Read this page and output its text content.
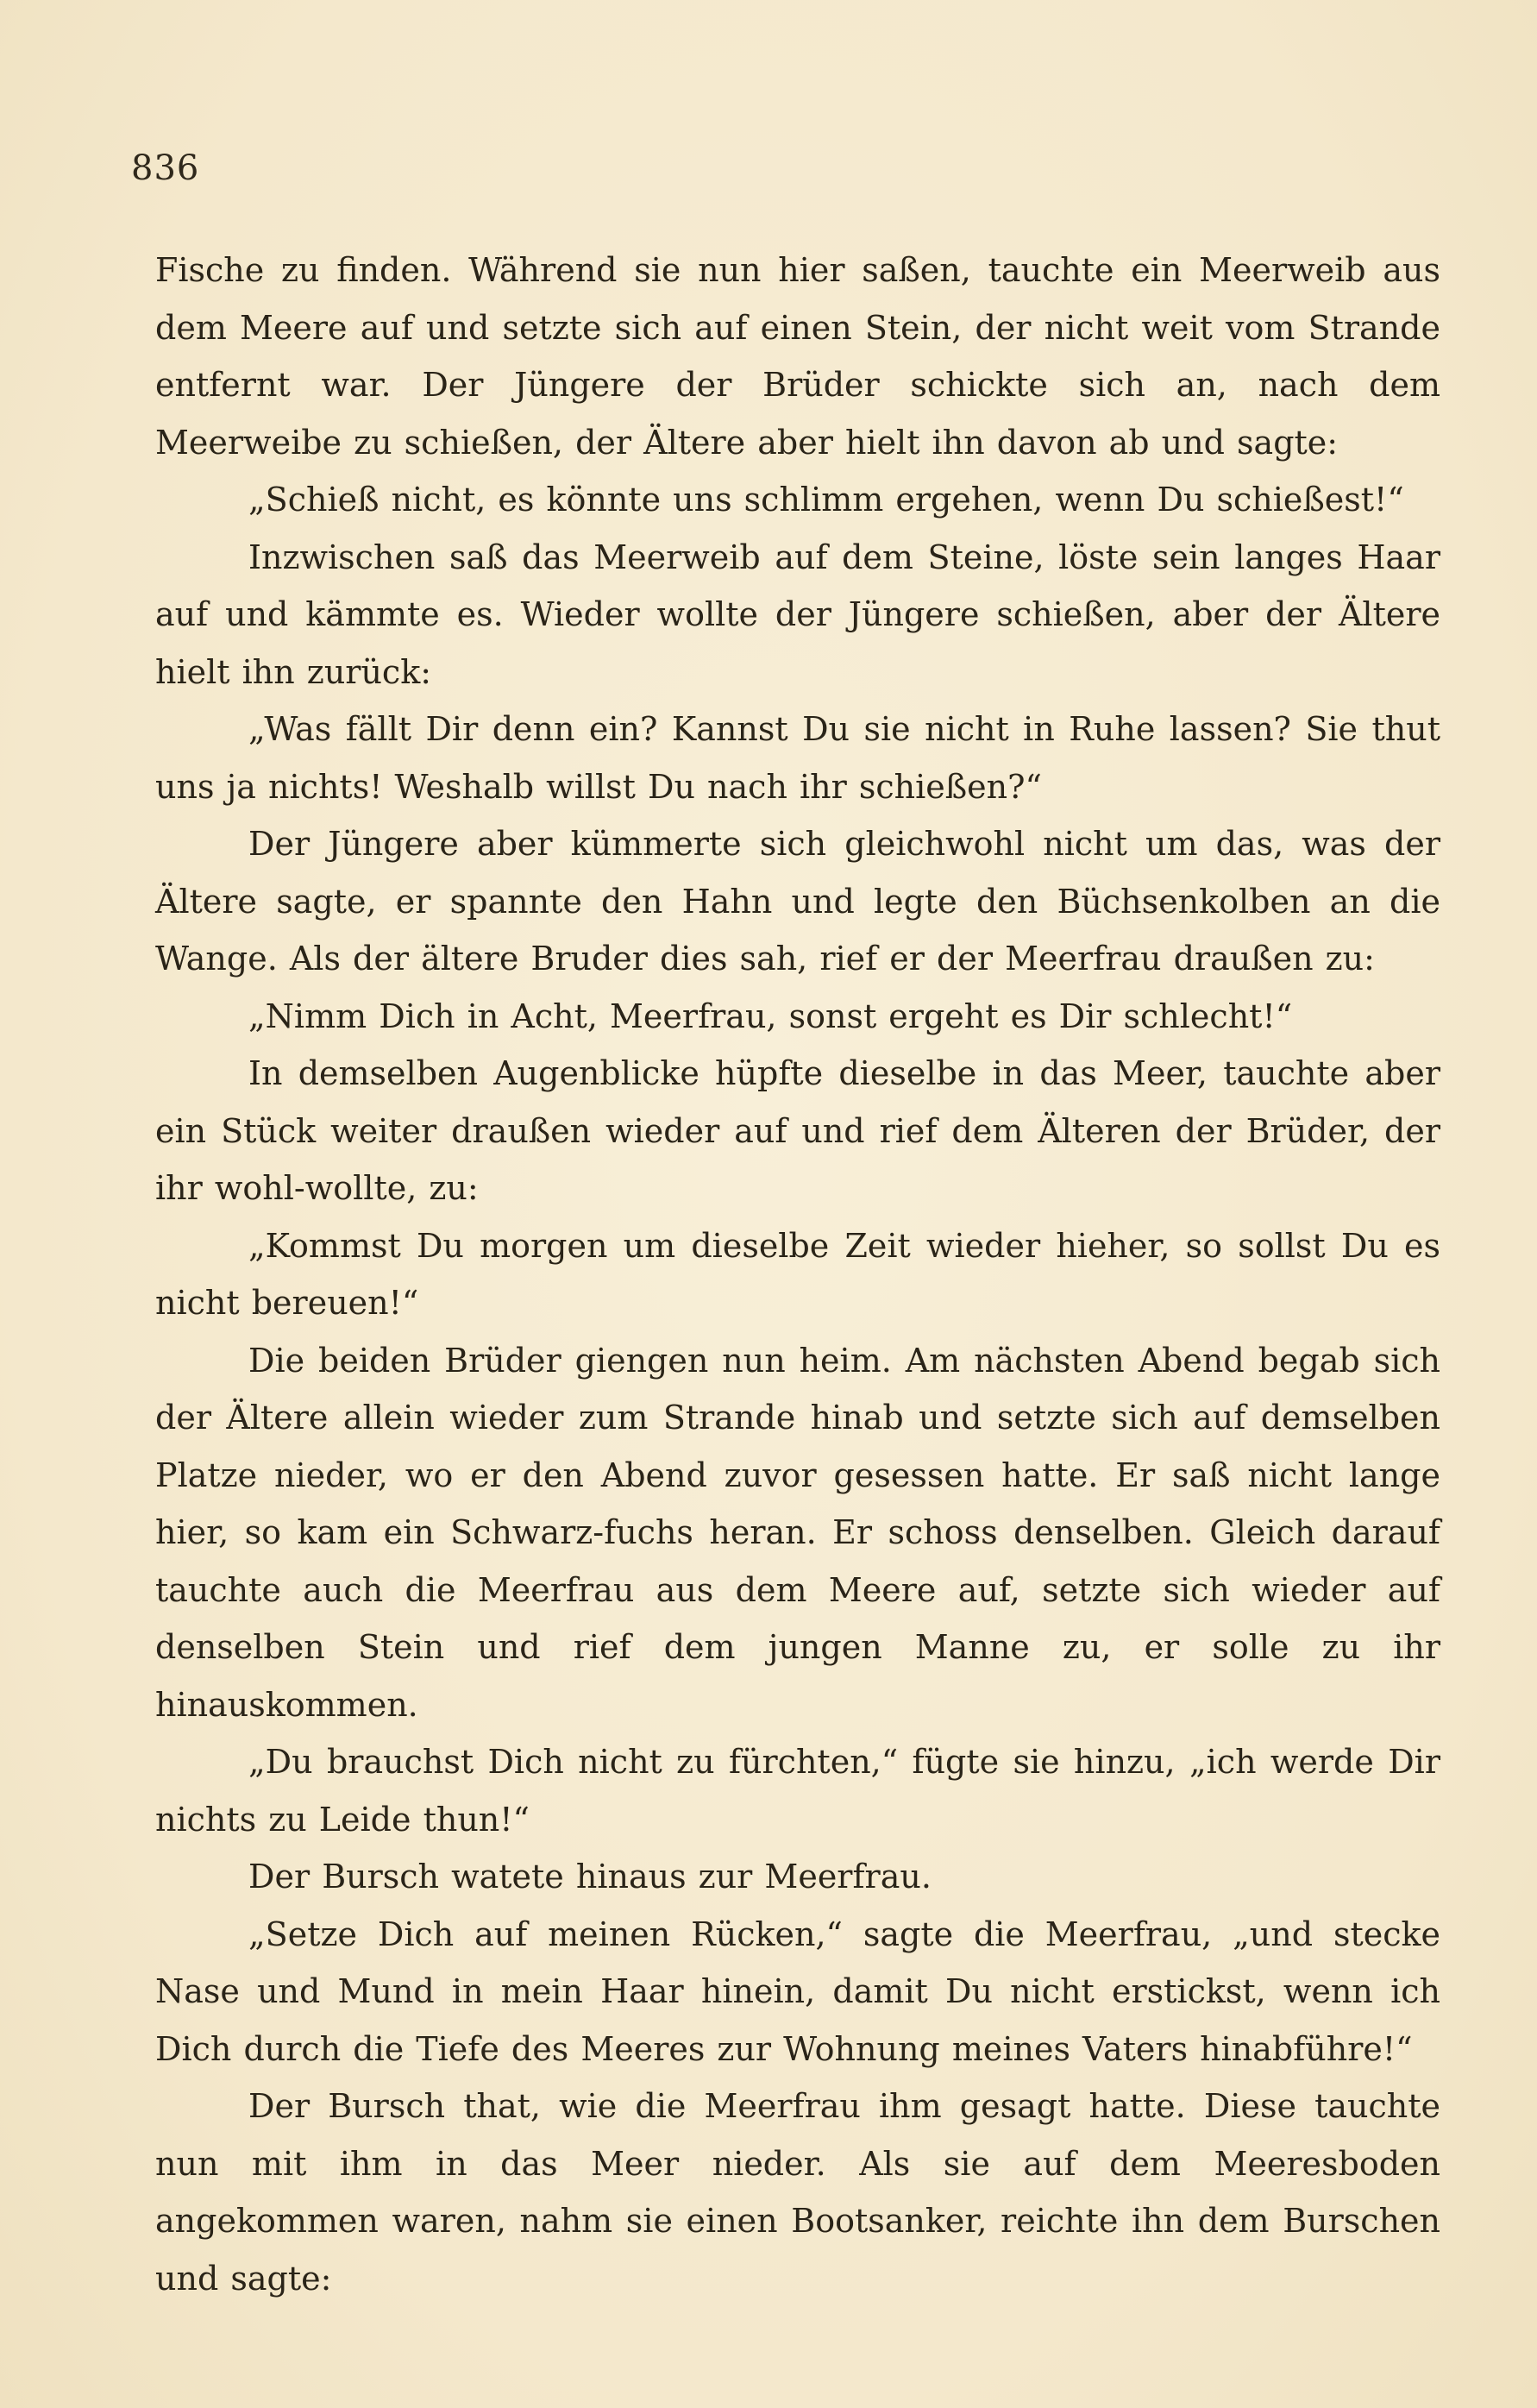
836

Fische zu finden. Während sie nun hier saßen, tauchte ein Meerweib aus dem Meere auf und setzte sich auf einen Stein, der nicht weit vom Strande entfernt war. Der Jüngere der Brüder schickte sich an, nach dem Meerweibe zu schießen, der Ältere aber hielt ihn davon ab und sagte:

„Schieß nicht, es könnte uns schlimm ergehen, wenn Du schießest!“

Inzwischen saß das Meerweib auf dem Steine, löste sein langes Haar auf und kämmte es. Wieder wollte der Jüngere schießen, aber der Ältere hielt ihn zurück:

„Was fällt Dir denn ein? Kannst Du sie nicht in Ruhe lassen? Sie thut uns ja nichts! Weshalb willst Du nach ihr schießen?“

Der Jüngere aber kümmerte sich gleichwohl nicht um das, was der Ältere sagte, er spannte den Hahn und legte den Büchsenkolben an die Wange. Als der ältere Bruder dies sah, rief er der Meerfrau draußen zu:

„Nimm Dich in Acht, Meerfrau, sonst ergeht es Dir schlecht!“

In demselben Augenblicke hüpfte dieselbe in das Meer, tauchte aber ein Stück weiter draußen wieder auf und rief dem Älteren der Brüder, der ihr wohl-wollte, zu:

„Kommst Du morgen um dieselbe Zeit wieder hieher, so sollst Du es nicht bereuen!“

Die beiden Brüder giengen nun heim. Am nächsten Abend begab sich der Ältere allein wieder zum Strande hinab und setzte sich auf demselben Platze nieder, wo er den Abend zuvor gesessen hatte. Er saß nicht lange hier, so kam ein Schwarz-fuchs heran. Er schoss denselben. Gleich darauf tauchte auch die Meerfrau aus dem Meere auf, setzte sich wieder auf denselben Stein und rief dem jungen Manne zu, er solle zu ihr hinauskommen.

„Du brauchst Dich nicht zu fürchten,“ fügte sie hinzu, „ich werde Dir nichts zu Leide thun!“

Der Bursch watete hinaus zur Meerfrau.

„Setze Dich auf meinen Rücken,“ sagte die Meerfrau, „und stecke Nase und Mund in mein Haar hinein, damit Du nicht erstickst, wenn ich Dich durch die Tiefe des Meeres zur Wohnung meines Vaters hinabführe!“

Der Bursch that, wie die Meerfrau ihm gesagt hatte. Diese tauchte nun mit ihm in das Meer nieder. Als sie auf dem Meeresboden angekommen waren, nahm sie einen Bootsanker, reichte ihn dem Burschen und sagte:
